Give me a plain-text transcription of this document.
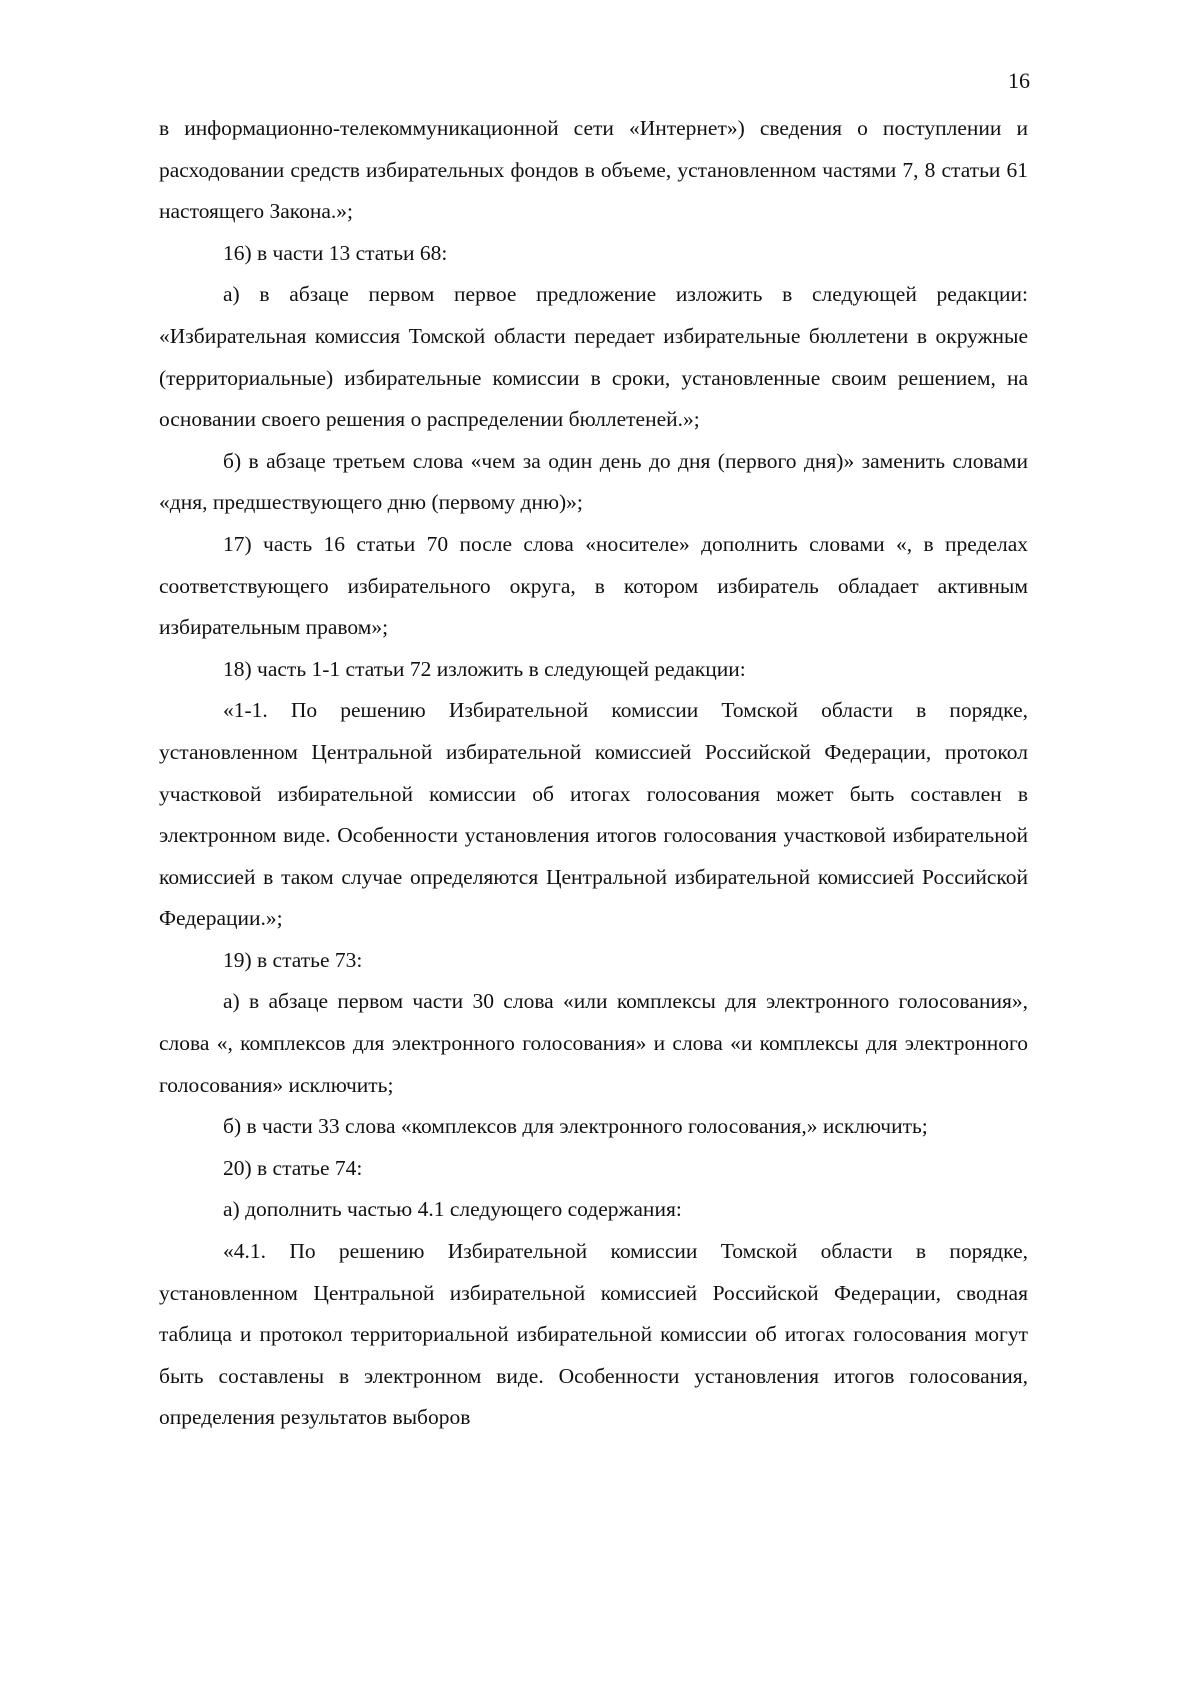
16

в информационно-телекоммуникационной сети «Интернет») сведения о поступлении и расходовании средств избирательных фондов в объеме, установленном частями 7, 8 статьи 61 настоящего Закона.»;

16) в части 13 статьи 68:

а) в абзаце первом первое предложение изложить в следующей редакции: «Избирательная комиссия Томской области передает избирательные бюллетени в окружные (территориальные) избирательные комиссии в сроки, установленные своим решением, на основании своего решения о распределении бюллетеней.»;

б) в абзаце третьем слова «чем за один день до дня (первого дня)» заменить словами «дня, предшествующего дню (первому дню)»;

17) часть 16 статьи 70 после слова «носителе» дополнить словами «, в пределах соответствующего избирательного округа, в котором избиратель обладает активным избирательным правом»;

18) часть 1-1 статьи 72 изложить в следующей редакции:

«1-1. По решению Избирательной комиссии Томской области в порядке, установленном Центральной избирательной комиссией Российской Федерации, протокол участковой избирательной комиссии об итогах голосования может быть составлен в электронном виде. Особенности установления итогов голосования участковой избирательной комиссией в таком случае определяются Центральной избирательной комиссией Российской Федерации.»;

19) в статье 73:

а) в абзаце первом части 30 слова «или комплексы для электронного голосования», слова «, комплексов для электронного голосования» и слова «и комплексы для электронного голосования» исключить;

б) в части 33 слова «комплексов для электронного голосования,» исключить;

20) в статье 74:

а) дополнить частью 4.1 следующего содержания:

«4.1. По решению Избирательной комиссии Томской области в порядке, установленном Центральной избирательной комиссией Российской Федерации, сводная таблица и протокол территориальной избирательной комиссии об итогах голосования могут быть составлены в электронном виде. Особенности установления итогов голосования, определения результатов выборов
